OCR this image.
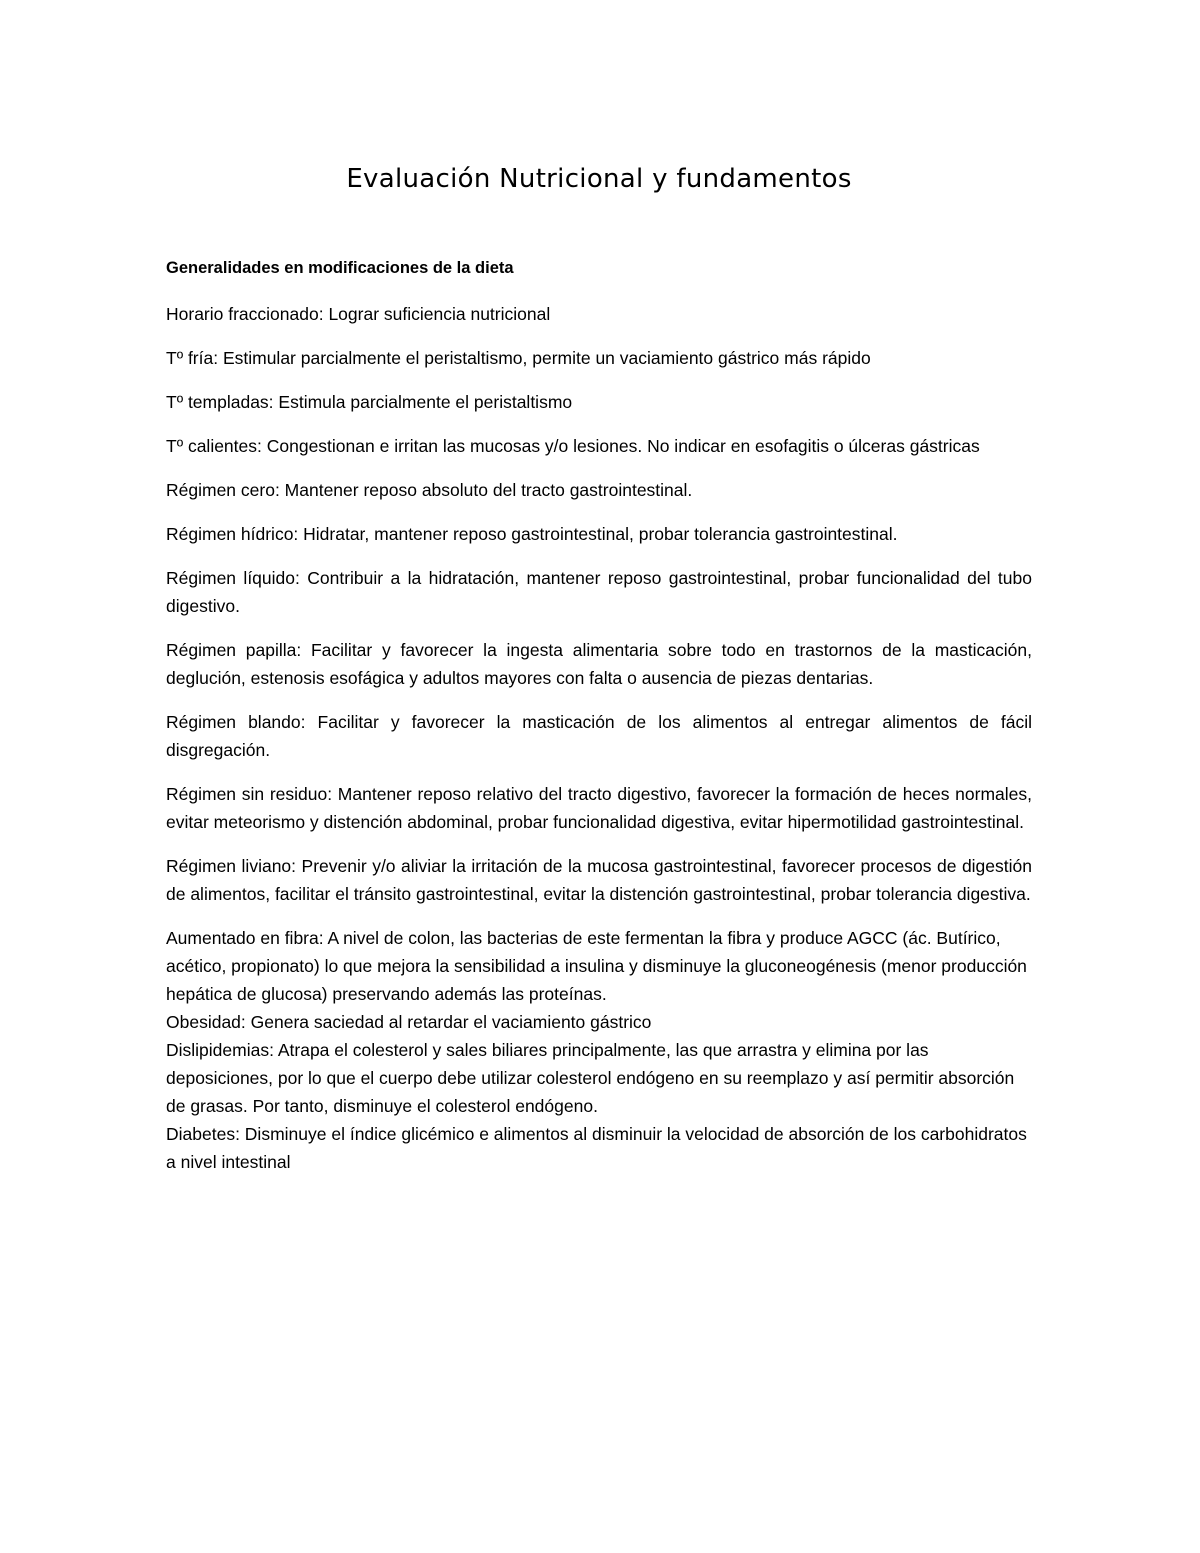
Evaluación Nutricional y fundamentos
Generalidades en modificaciones de la dieta

Horario fraccionado: Lograr suficiencia nutricional

Tº fría: Estimular parcialmente el peristaltismo, permite un vaciamiento gástrico más rápido

Tº templadas: Estimula parcialmente el peristaltismo

Tº calientes: Congestionan e irritan las mucosas y/o lesiones. No indicar en esofagitis o úlceras gástricas

Régimen cero: Mantener reposo absoluto del tracto gastrointestinal.

Régimen hídrico: Hidratar, mantener reposo gastrointestinal, probar tolerancia gastrointestinal.

Régimen líquido: Contribuir a la hidratación, mantener reposo gastrointestinal, probar funcionalidad del tubo digestivo.

Régimen papilla: Facilitar y favorecer la ingesta alimentaria sobre todo en trastornos de la masticación, deglución, estenosis esofágica y adultos mayores con falta o ausencia de piezas dentarias.

Régimen blando: Facilitar y favorecer la masticación de los alimentos al entregar alimentos de fácil disgregación.

Régimen sin residuo: Mantener reposo relativo del tracto digestivo, favorecer la formación de heces normales, evitar meteorismo y distención abdominal, probar funcionalidad digestiva, evitar hipermotilidad gastrointestinal.

Régimen liviano: Prevenir y/o aliviar la irritación de la mucosa gastrointestinal, favorecer procesos de digestión de alimentos, facilitar el tránsito gastrointestinal, evitar la distención gastrointestinal, probar tolerancia digestiva.

Aumentado en fibra: A nivel de colon, las bacterias de este fermentan la fibra y produce AGCC (ác. Butírico, acético, propionato) lo que mejora la sensibilidad a insulina y disminuye la gluconeogénesis (menor producción hepática de glucosa) preservando además las proteínas.

Obesidad: Genera saciedad al retardar el vaciamiento gástrico

Dislipidemias: Atrapa el colesterol y sales biliares principalmente, las que arrastra y elimina por las deposiciones, por lo que el cuerpo debe utilizar colesterol endógeno en su reemplazo y así permitir absorción de grasas. Por tanto, disminuye el colesterol endógeno.

Diabetes: Disminuye el índice glicémico e alimentos al disminuir la velocidad de absorción de los carbohidratos a nivel intestinal
